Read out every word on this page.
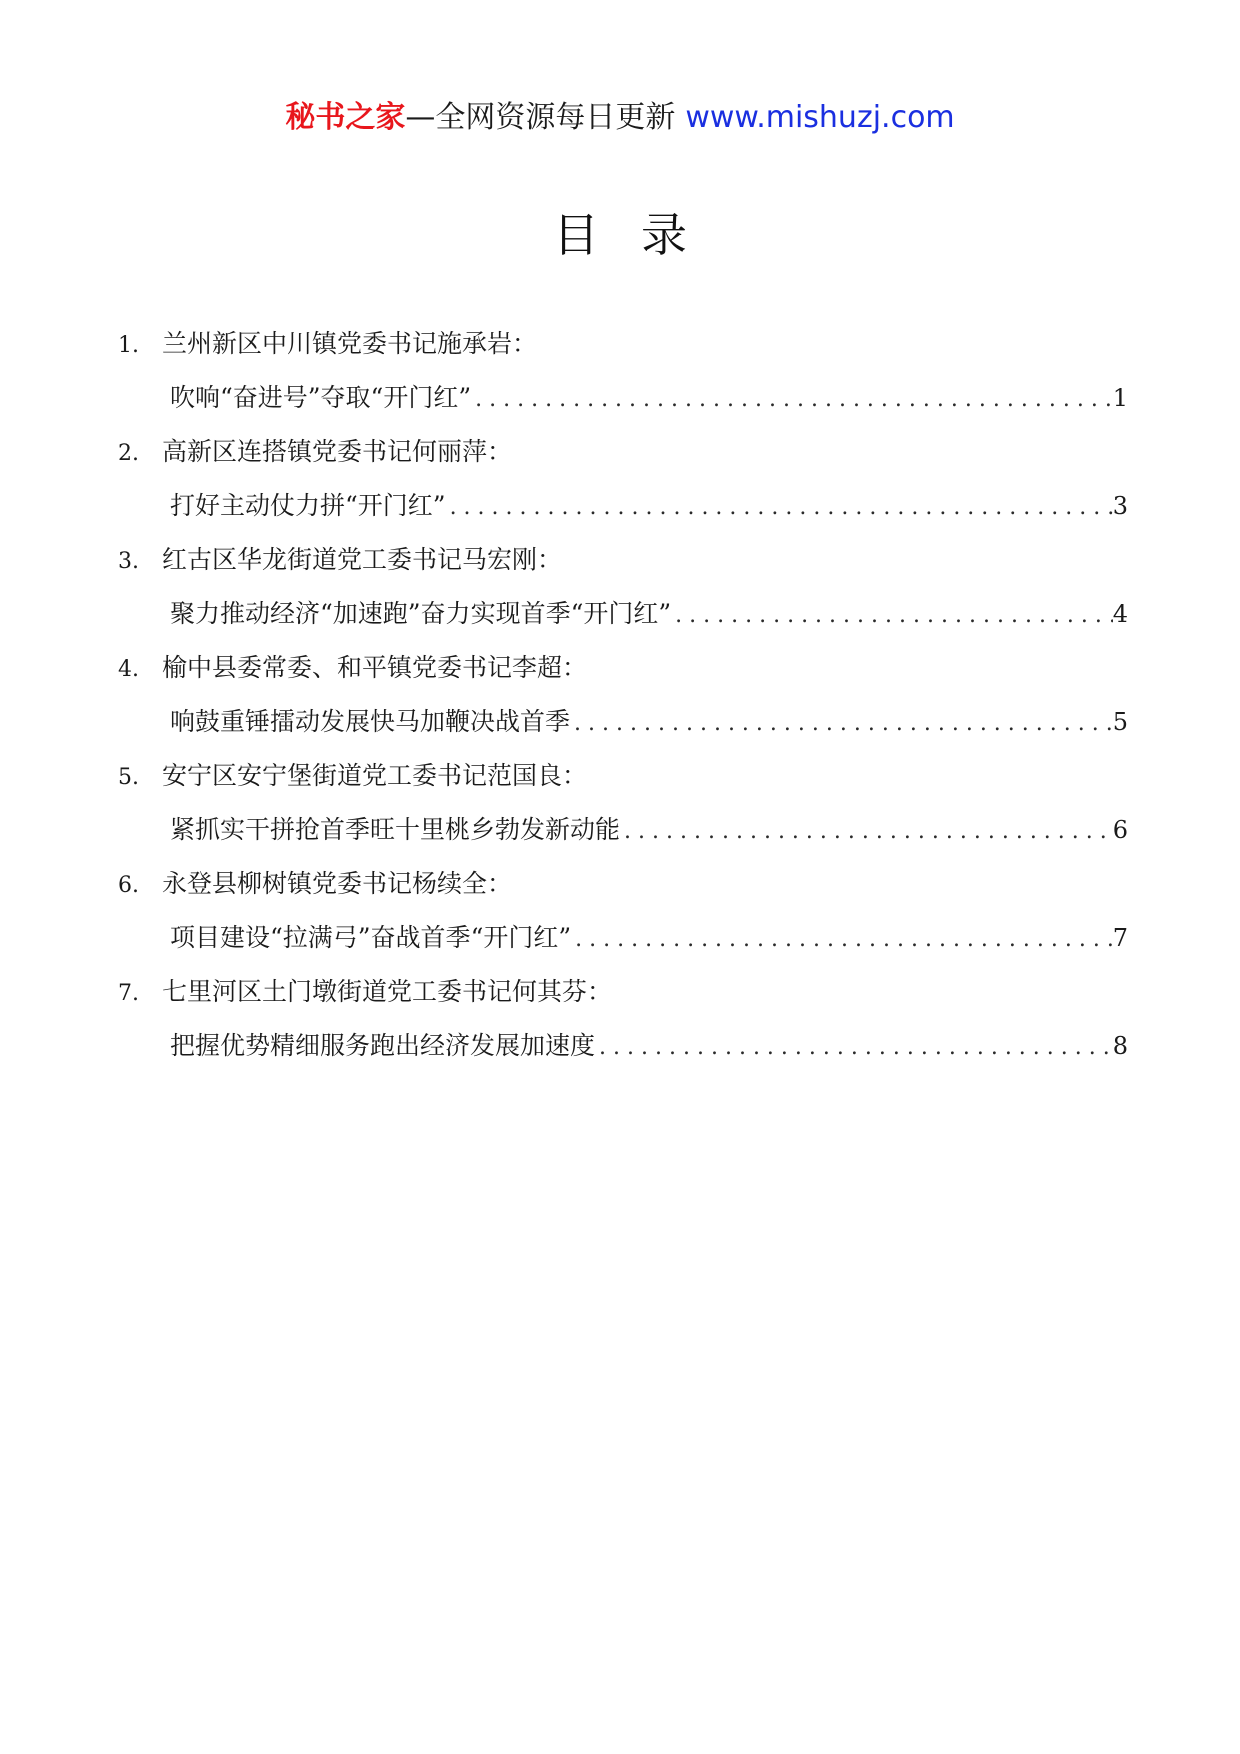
秘书之家—全网资源每日更新 www.mishuzj.com
目录
1. 兰州新区中川镇党委书记施承岩：
吹响“奋进号”夺取“开门红” .....	1
2. 高新区连搭镇党委书记何丽萍：
打好主动仗力拼“开门红” .....	3
3. 红古区华龙街道党工委书记马宏刚：
聚力推动经济“加速跑”奋力实现首季“开门红” .....	4
4. 榆中县委常委、和平镇党委书记李超：
响鼓重锤擂动发展快马加鞭决战首季 .....	5
5. 安宁区安宁堡街道党工委书记范国良：
紧抓实干拼抢首季旺十里桃乡勃发新动能 .....	6
6. 永登县柳树镇党委书记杨续全：
项目建设“拉满弓”奋战首季“开门红” .....	7
7. 七里河区土门墩街道党工委书记何其芬：
把握优势精细服务跑出经济发展加速度 .....	8
